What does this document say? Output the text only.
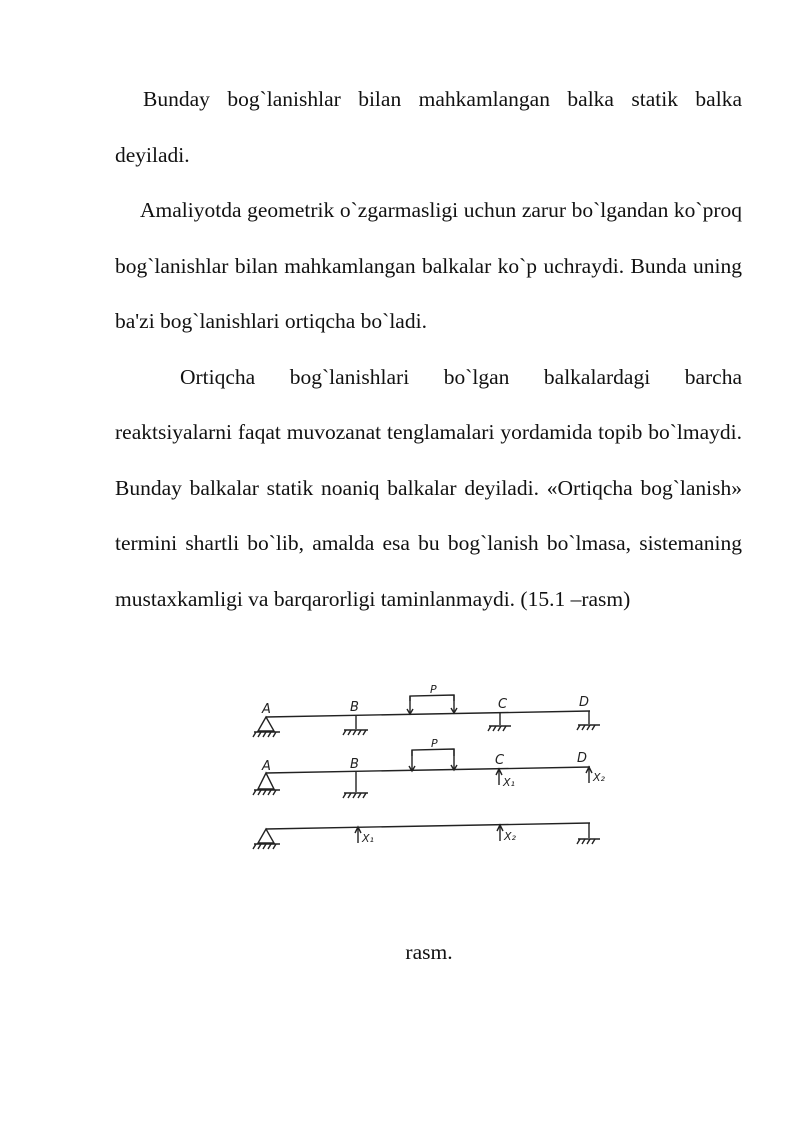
Bunday bog`lanishlar bilan mahkamlangan balka statik balka deyiladi.

Amaliyotda geometrik o`zgarmasligi uchun zarur bo`lgandan ko`proq bog`lanishlar bilan mahkamlangan balkalar ko`p uchraydi. Bunda uning ba'zi bog`lanishlari ortiqcha bo`ladi.

Ortiqcha bog`lanishlari bo`lgan balkalardagi barcha reaktsiyalarni faqat muvozanat tenglamalari yordamida topib bo`lmaydi. Bunday balkalar statik noaniq balkalar deyiladi. «Ortiqcha bog`lanish» termini shartli bo`lib, amalda esa bu bog`lanish bo`lmasa, sistemaning mustaxkamligi va barqarorligi taminlanmaydi. (15.1 –rasm)

A	B
P
C	D
A	B
P
C	D
X₁	X₂
X₁	X₂
rasm.
